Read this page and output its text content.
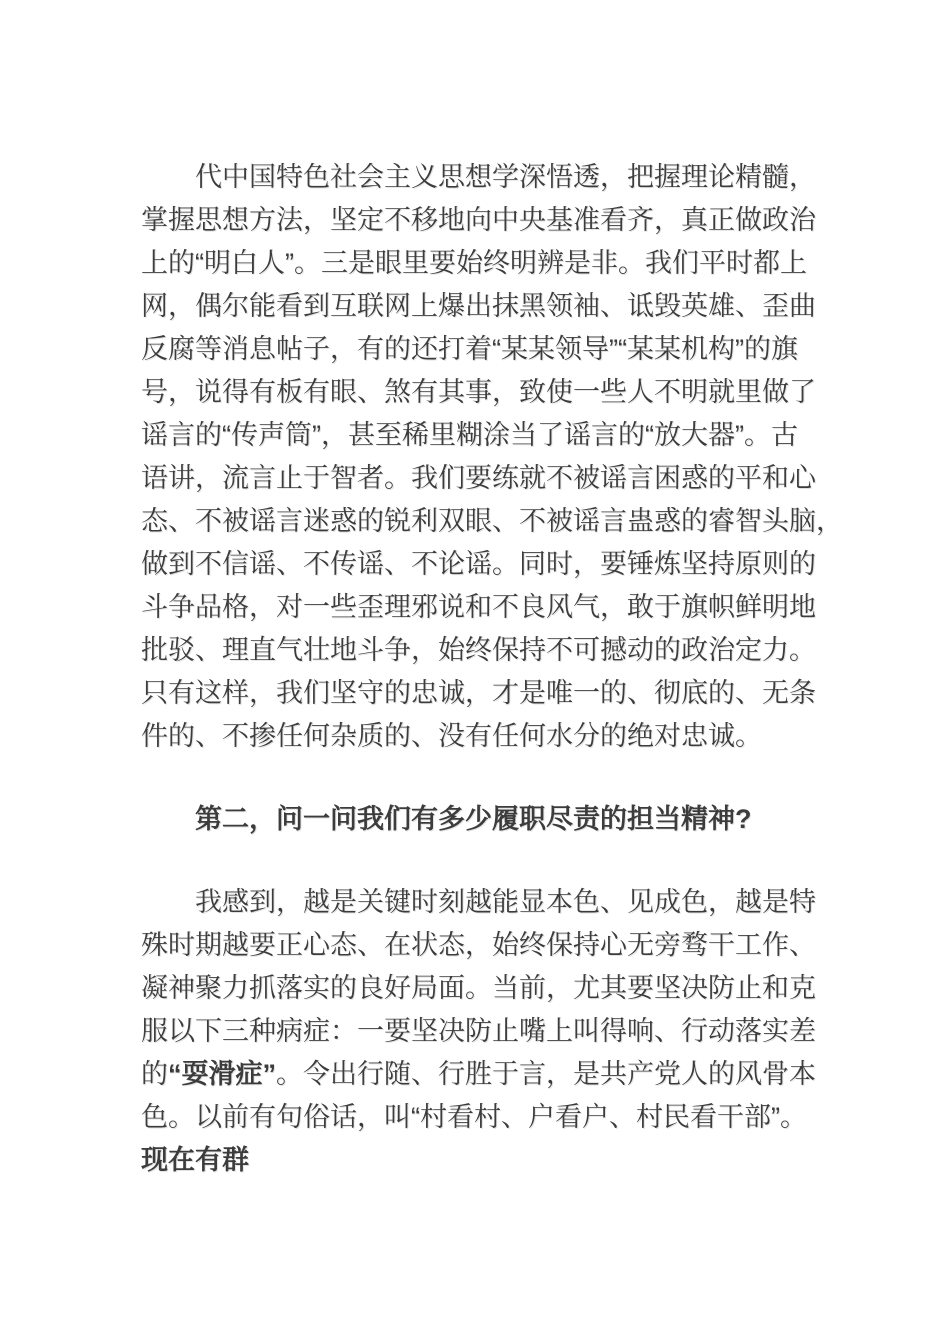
代中国特色社会主义思想学深悟透，把握理论精髓，
掌握思想方法，坚定不移地向中央基准看齐，真正做政治
上的“明白人”。三是眼里要始终明辨是非。我们平时都上
网，偶尔能看到互联网上爆出抹黑领袖、诋毁英雄、歪曲
反腐等消息帖子，有的还打着“某某领导”“某某机构”的旗
号，说得有板有眼、煞有其事，致使一些人不明就里做了
谣言的“传声筒”，甚至稀里糊涂当了谣言的“放大器”。古
语讲，流言止于智者。我们要练就不被谣言困惑的平和心
态、不被谣言迷惑的锐利双眼、不被谣言蛊惑的睿智头脑，
做到不信谣、不传谣、不论谣。同时，要锤炼坚持原则的
斗争品格，对一些歪理邪说和不良风气，敢于旗帜鲜明地
批驳、理直气壮地斗争，始终保持不可撼动的政治定力。
只有这样，我们坚守的忠诚，才是唯一的、彻底的、无条
件的、不掺任何杂质的、没有任何水分的绝对忠诚。
第二，问一问我们有多少履职尽责的担当精神?
我感到，越是关键时刻越能显本色、见成色，越是特
殊时期越要正心态、在状态，始终保持心无旁骛干工作、
凝神聚力抓落实的良好局面。当前，尤其要坚决防止和克
服以下三种病症：一要坚决防止嘴上叫得响、行动落实差
的“耍滑症”。令出行随、行胜于言，是共产党人的风骨本
色。以前有句俗话，叫“村看村、户看户、村民看干部”。
现在有群
